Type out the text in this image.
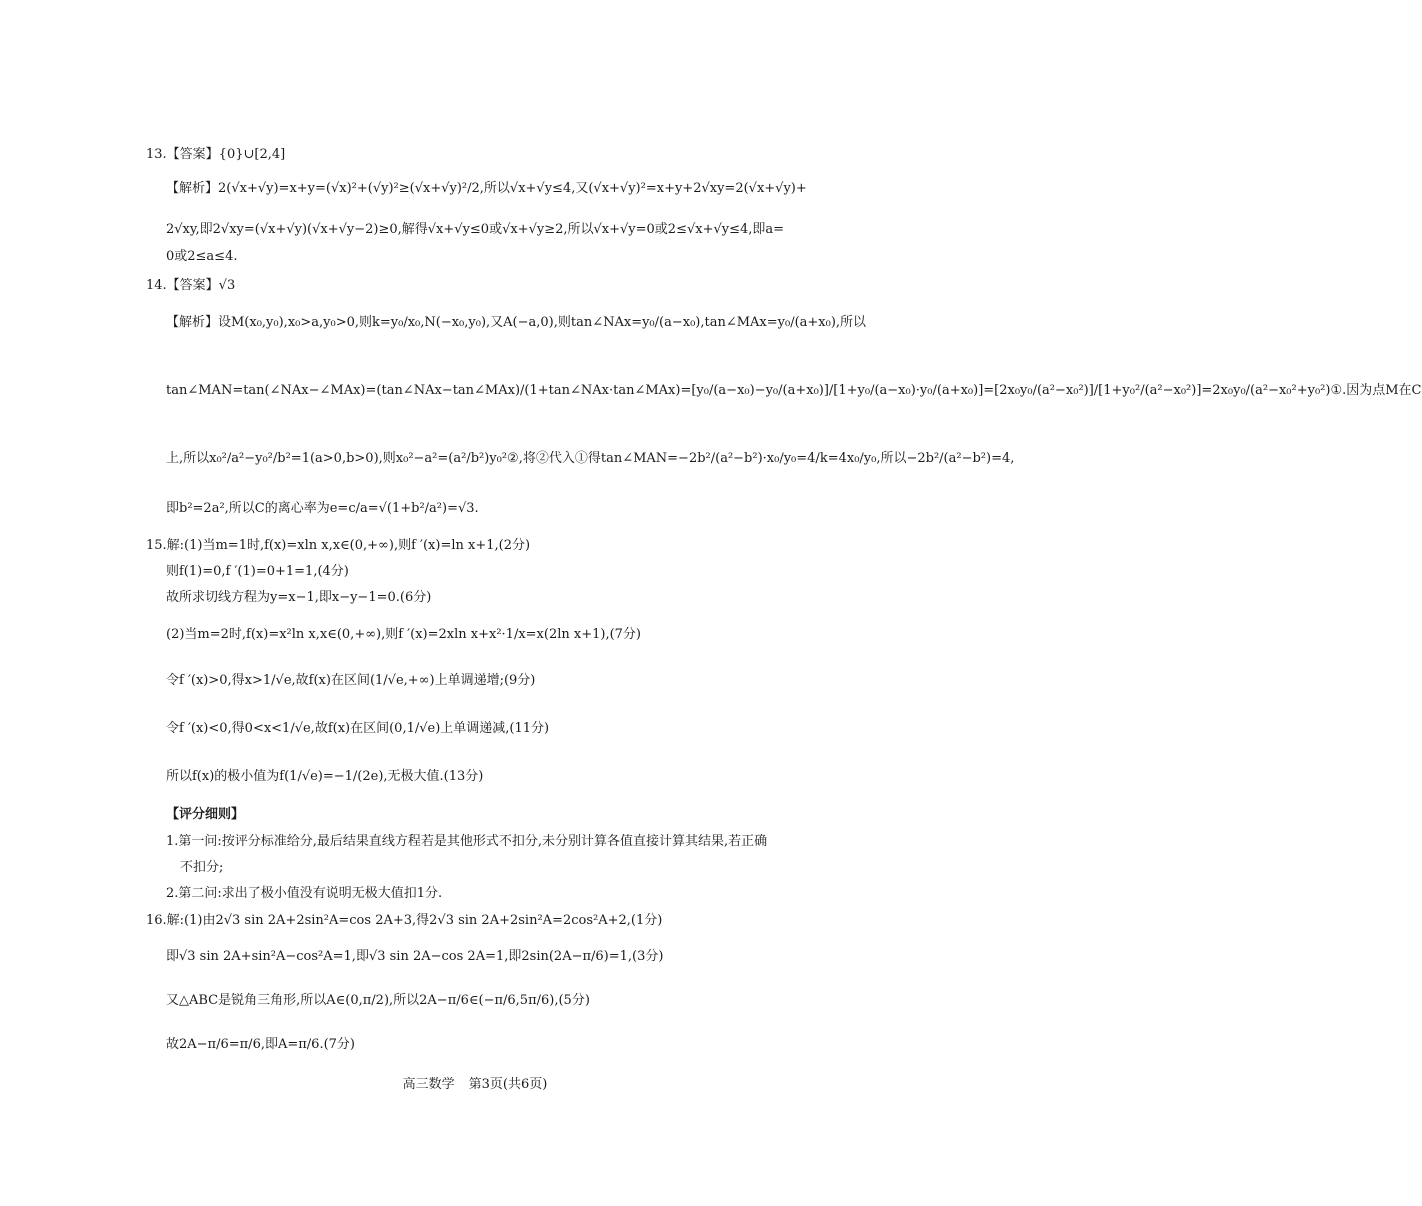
13.【答案】{0}∪[2,4]
【解析】2(√x+√y)=x+y=(√x)²+(√y)²≥(√x+√y)²/2,所以√x+√y≤4,又(√x+√y)²=x+y+2√xy=2(√x+√y)+
2√xy,即2√xy=(√x+√y)(√x+√y−2)≥0,解得√x+√y≤0或√x+√y≥2,所以√x+√y=0或2≤√x+√y≤4,即a=
0或2≤a≤4.
14.【答案】√3
【解析】设M(x₀,y₀),x₀>a,y₀>0,则k=y₀/x₀,N(−x₀,y₀),又A(−a,0),则tan∠NAx=y₀/(a−x₀),tan∠MAx=y₀/(a+x₀),所以
tan∠MAN=tan(∠NAx−∠MAx)=(tan∠NAx−tan∠MAx)/(1+tan∠NAx·tan∠MAx)=[y₀/(a−x₀)−y₀/(a+x₀)]/[1+y₀/(a−x₀)·y₀/(a+x₀)]=[2x₀y₀/(a²−x₀²)]/[1+y₀²/(a²−x₀²)]=2x₀y₀/(a²−x₀²+y₀²)①.因为点M在C
上,所以x₀²/a²−y₀²/b²=1(a>0,b>0),则x₀²−a²=(a²/b²)y₀²②,将②代入①得tan∠MAN=−2b²/(a²−b²)·x₀/y₀=4/k=4x₀/y₀,所以−2b²/(a²−b²)=4,
即b²=2a²,所以C的离心率为e=c/a=√(1+b²/a²)=√3.
15.解:(1)当m=1时,f(x)=xln x,x∈(0,+∞),则f ′(x)=ln x+1,(2分)
则f(1)=0,f ′(1)=0+1=1,(4分)
故所求切线方程为y=x−1,即x−y−1=0.(6分)
(2)当m=2时,f(x)=x²ln x,x∈(0,+∞),则f ′(x)=2xln x+x²·1/x=x(2ln x+1),(7分)
令f ′(x)>0,得x>1/√e,故f(x)在区间(1/√e,+∞)上单调递增;(9分)
令f ′(x)<0,得0<x<1/√e,故f(x)在区间(0,1/√e)上单调递减,(11分)
所以f(x)的极小值为f(1/√e)=−1/(2e),无极大值.(13分)
【评分细则】
1.第一问:按评分标准给分,最后结果直线方程若是其他形式不扣分,未分别计算各值直接计算其结果,若正确
不扣分;
2.第二问:求出了极小值没有说明无极大值扣1分.
16.解:(1)由2√3 sin 2A+2sin²A=cos 2A+3,得2√3 sin 2A+2sin²A=2cos²A+2,(1分)
即√3 sin 2A+sin²A−cos²A=1,即√3 sin 2A−cos 2A=1,即2sin(2A−π/6)=1,(3分)
又△ABC是锐角三角形,所以A∈(0,π/2),所以2A−π/6∈(−π/6,5π/6),(5分)
故2A−π/6=π/6,即A=π/6.(7分)
高三数学 第3页(共6页)
